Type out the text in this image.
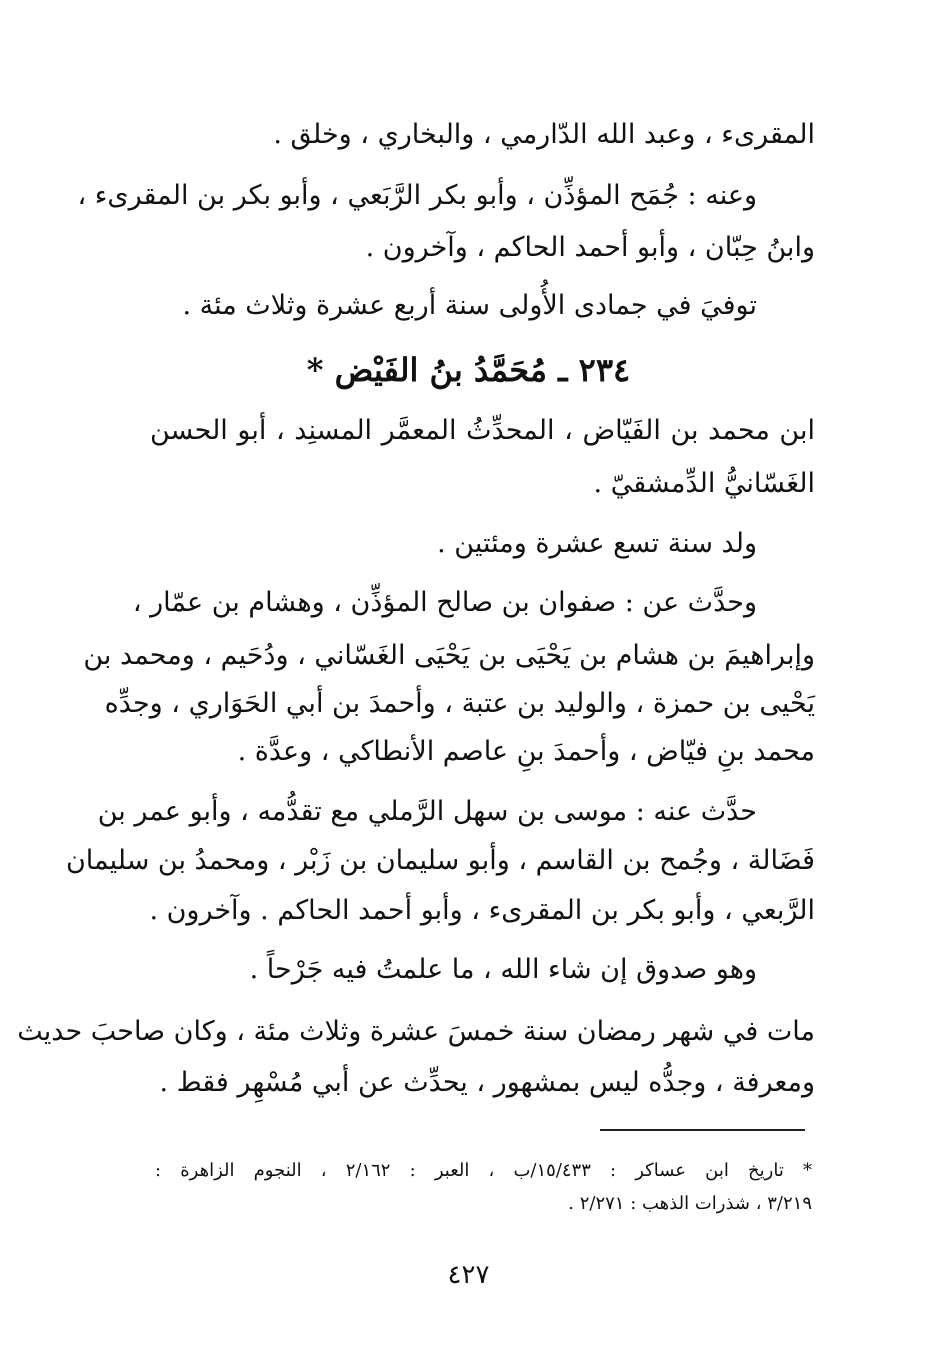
المقرىء ، وعبد الله الدّارمي ، والبخاري ، وخلق .

وعنه : جُمَح المؤذِّن ، وأبو بكر الرَّبَعي ، وأبو بكر بن المقرىء ،

وابنُ حِبّان ، وأبو أحمد الحاكم ، وآخرون .

توفيَ في جمادى الأُولى سنة أربع عشرة وثلاث مئة .

٢٣٤ ـ مُحَمَّدُ بنُ الفَيْض *

ابن محمد بن الفَيّاض ، المحدِّثُ المعمَّر المسنِد ، أبو الحسن

الغَسّانيُّ الدِّمشقيّ .

ولد سنة تسع عشرة ومئتين .

وحدَّث عن : صفوان بن صالح المؤذِّن ، وهشام بن عمّار ،

وإبراهيمَ بن هشام بن يَحْيَى بن يَحْيَى الغَسّاني ، ودُحَيم ، ومحمد بن

يَحْيى بن حمزة ، والوليد بن عتبة ، وأحمدَ بن أبي الحَوَاري ، وجدِّه

محمد بنِ فيّاض ، وأحمدَ بنِ عاصم الأنطاكي ، وعدَّة .

حدَّث عنه : موسى بن سهل الرَّملي مع تقدُّمه ، وأبو عمر بن

فَضَالة ، وجُمح بن القاسم ، وأبو سليمان بن زَبْر ، ومحمدُ بن سليمان

الرَّبعي ، وأبو بكر بن المقرىء ، وأبو أحمد الحاكم . وآخرون .

وهو صدوق إن شاء الله ، ما علمتُ فيه جَرْحاً .

مات في شهر رمضان سنة خمسَ عشرة وثلاث مئة ، وكان صاحبَ حديث

ومعرفة ، وجدُّه ليس بمشهور ، يحدِّث عن أبي مُسْهِر فقط .

* تاريخ ابن عساكر : ١٥/٤٣٣/ب ، العبر : ٢/١٦٢ ، النجوم الزاهرة :

٣/٢١٩ ، شذرات الذهب : ٢/٢٧١ .

٤٢٧
